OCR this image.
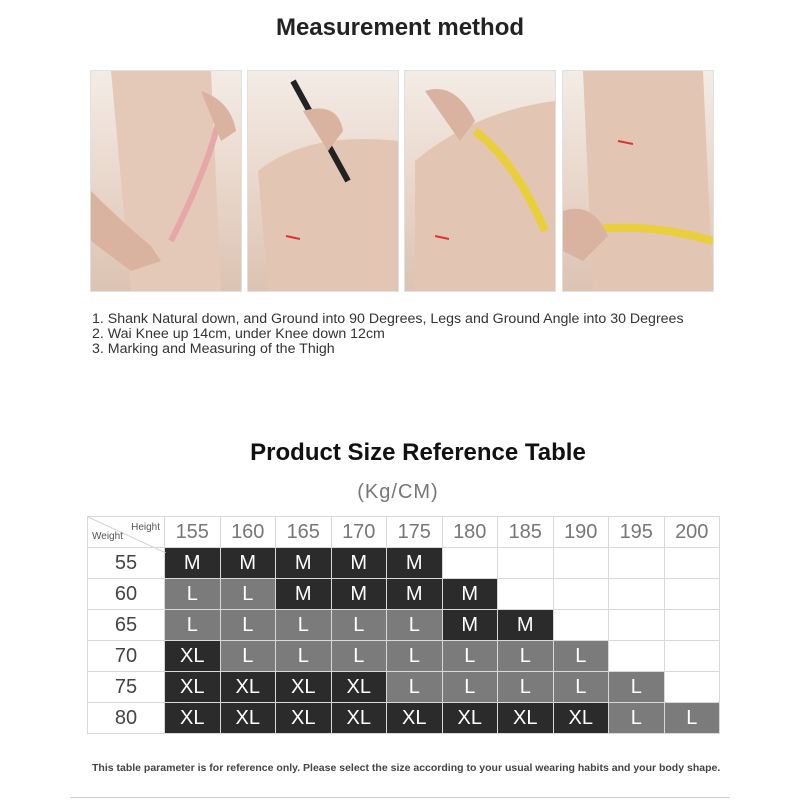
Measurement method
1. Shank Natural down, and Ground into 90 Degrees, Legs and Ground Angle into 30 Degrees
2. Wai Knee up 14cm, under Knee down 12cm
3. Marking and Measuring of the Thigh
Product Size Reference Table
(Kg/CM)
Height
Weight	155	160	165	170	175	180	185	190	195	200
55	M	M	M	M	M					
60	L	L	M	M	M	M				
65	L	L	L	L	L	M	M			
70	XL	L	L	L	L	L	L	L		
75	XL	XL	XL	XL	L	L	L	L	L	
80	XL	XL	XL	XL	XL	XL	XL	XL	L	L
This table parameter is for reference only. Please select the size according to your usual wearing habits and your body shape.
